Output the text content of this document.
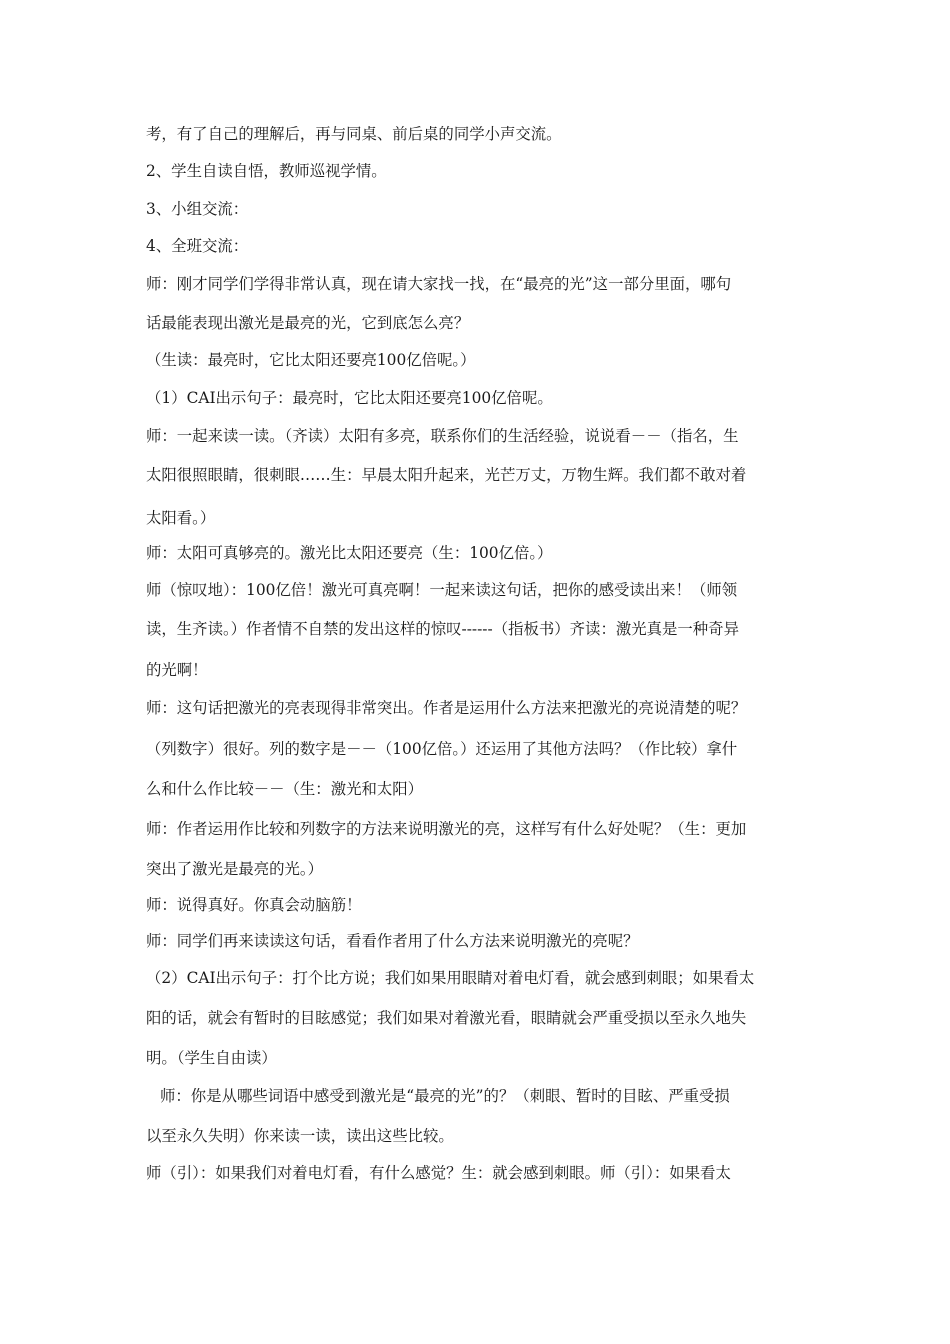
考，有了自己的理解后，再与同桌、前后桌的同学小声交流。
2、学生自读自悟，教师巡视学情。
3、小组交流：
4、全班交流：
师：刚才同学们学得非常认真，现在请大家找一找，在“最亮的光”这一部分里面，哪句
话最能表现出激光是最亮的光，它到底怎么亮？
（生读：最亮时，它比太阳还要亮100亿倍呢。）
（1）CAI出示句子：最亮时，它比太阳还要亮100亿倍呢。
师：一起来读一读。（齐读）太阳有多亮，联系你们的生活经验，说说看－－（指名，生
太阳很照眼睛，很刺眼……生：早晨太阳升起来，光芒万丈，万物生辉。我们都不敢对着
太阳看。）
师：太阳可真够亮的。激光比太阳还要亮（生：100亿倍。）
师（惊叹地）：100亿倍！激光可真亮啊！一起来读这句话，把你的感受读出来！（师领
读，生齐读。）作者情不自禁的发出这样的惊叹------（指板书）齐读：激光真是一种奇异
的光啊！
师：这句话把激光的亮表现得非常突出。作者是运用什么方法来把激光的亮说清楚的呢？
（列数字）很好。列的数字是－－（100亿倍。）还运用了其他方法吗？（作比较）拿什
么和什么作比较－－（生：激光和太阳）
师：作者运用作比较和列数字的方法来说明激光的亮，这样写有什么好处呢？（生：更加
突出了激光是最亮的光。）
师：说得真好。你真会动脑筋！
师：同学们再来读读这句话，看看作者用了什么方法来说明激光的亮呢？
（2）CAI出示句子：打个比方说；我们如果用眼睛对着电灯看，就会感到刺眼；如果看太
阳的话，就会有暂时的目眩感觉；我们如果对着激光看，眼睛就会严重受损以至永久地失
明。（学生自由读）
师：你是从哪些词语中感受到激光是“最亮的光”的？（刺眼、暂时的目眩、严重受损
以至永久失明）你来读一读，读出这些比较。
师（引）：如果我们对着电灯看，有什么感觉？生：就会感到刺眼。师（引）：如果看太
